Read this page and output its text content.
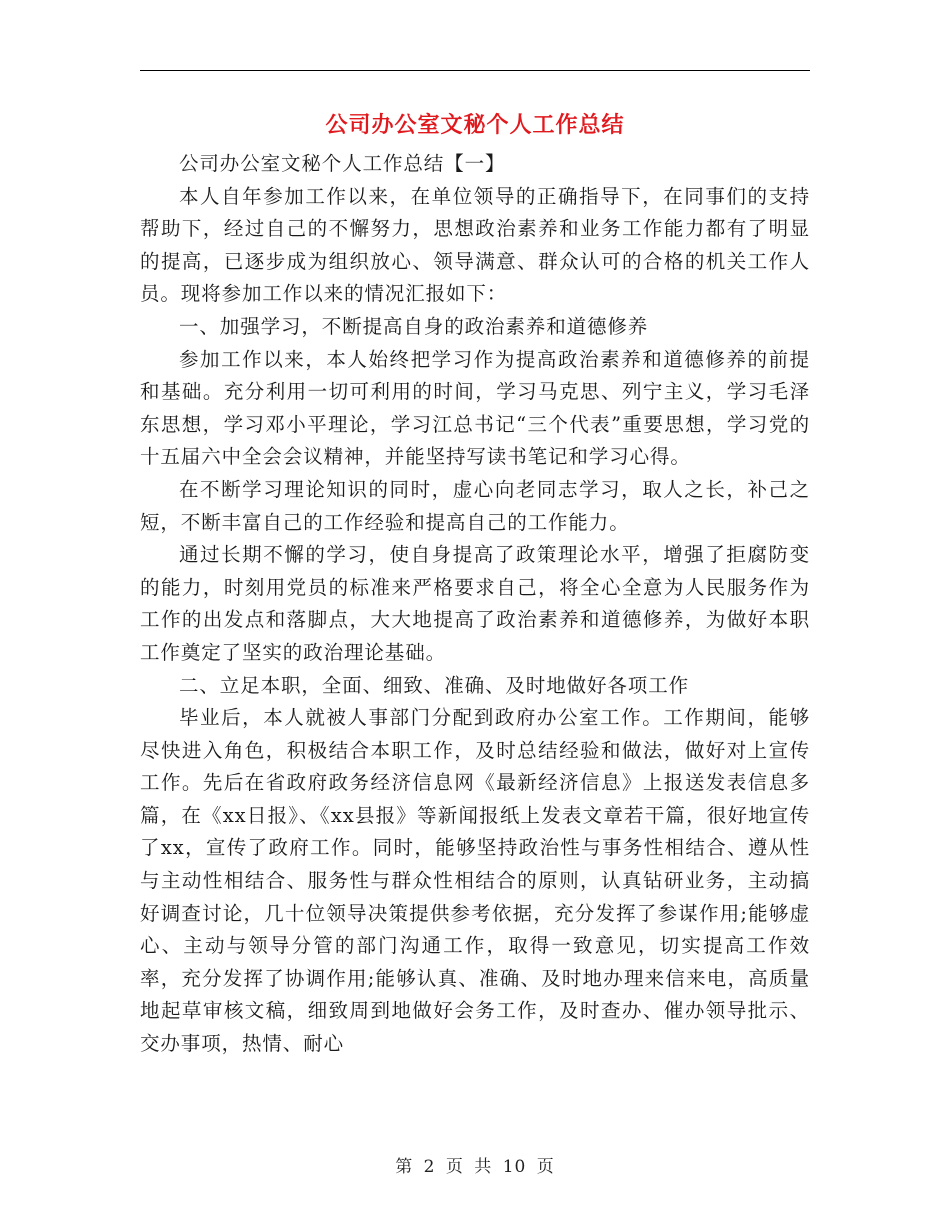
公司办公室文秘个人工作总结

公司办公室文秘个人工作总结【一】

本人自年参加工作以来，在单位领导的正确指导下，在同事们的支持帮助下，经过自己的不懈努力，思想政治素养和业务工作能力都有了明显的提高，已逐步成为组织放心、领导满意、群众认可的合格的机关工作人员。现将参加工作以来的情况汇报如下：

一、加强学习，不断提高自身的政治素养和道德修养

参加工作以来，本人始终把学习作为提高政治素养和道德修养的前提和基础。充分利用一切可利用的时间，学习马克思、列宁主义，学习毛泽东思想，学习邓小平理论，学习江总书记“三个代表”重要思想，学习党的十五届六中全会会议精神，并能坚持写读书笔记和学习心得。

在不断学习理论知识的同时，虚心向老同志学习，取人之长，补己之短，不断丰富自己的工作经验和提高自己的工作能力。

通过长期不懈的学习，使自身提高了政策理论水平，增强了拒腐防变的能力，时刻用党员的标准来严格要求自己，将全心全意为人民服务作为工作的出发点和落脚点，大大地提高了政治素养和道德修养，为做好本职工作奠定了坚实的政治理论基础。

二、立足本职，全面、细致、准确、及时地做好各项工作

毕业后，本人就被人事部门分配到政府办公室工作。工作期间，能够尽快进入角色，积极结合本职工作，及时总结经验和做法，做好对上宣传工作。先后在省政府政务经济信息网《最新经济信息》上报送发表信息多篇，在《xx日报》、《xx县报》等新闻报纸上发表文章若干篇，很好地宣传了xx，宣传了政府工作。同时，能够坚持政治性与事务性相结合、遵从性与主动性相结合、服务性与群众性相结合的原则，认真钻研业务，主动搞好调查讨论，几十位领导决策提供参考依据，充分发挥了参谋作用;能够虚心、主动与领导分管的部门沟通工作，取得一致意见，切实提高工作效率，充分发挥了协调作用;能够认真、准确、及时地办理来信来电，高质量地起草审核文稿，细致周到地做好会务工作，及时查办、催办领导批示、交办事项，热情、耐心

第 2 页 共 10 页
